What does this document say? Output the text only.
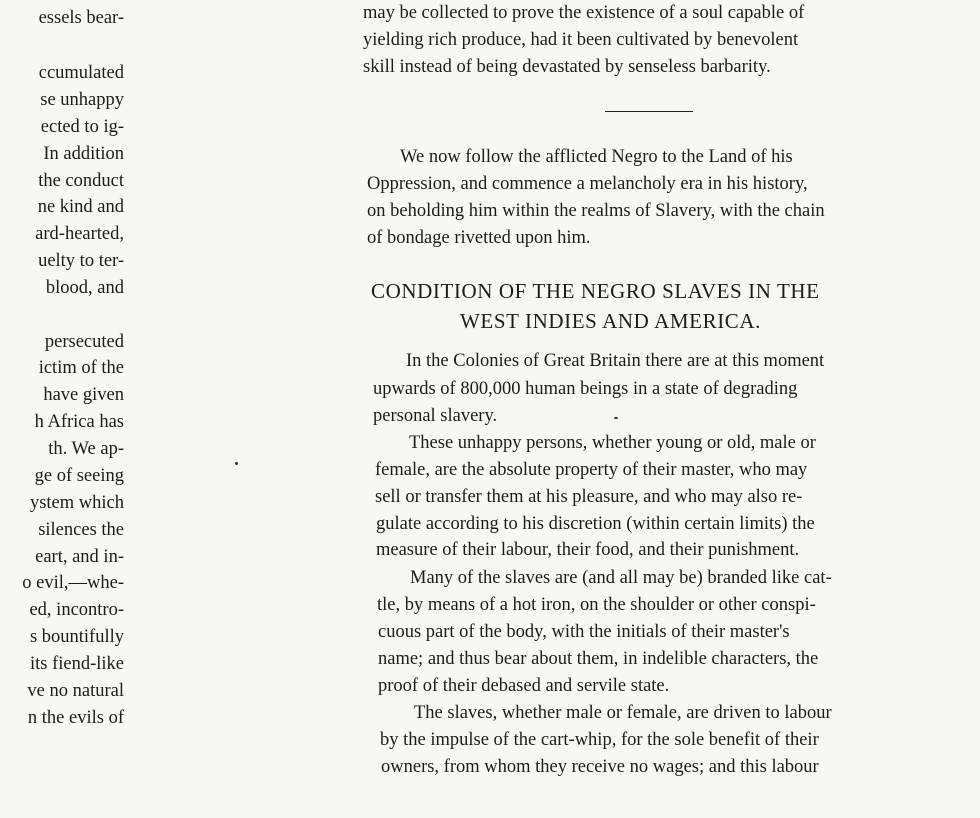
essels bear-
ccumulated
se unhappy
ected to ig-
In addition
the conduct
ne kind and
ard-hearted,
uelty to ter-
blood, and
persecuted
ictim of the
have given
h Africa has
th. We ap-
ge of seeing
ystem which
silences the
eart, and in-
o evil,—whe-
ed, incontro-
s bountifully
its fiend-like
ve no natural
n the evils of
may be collected to prove the existence of a soul capable of
yielding rich produce, had it been cultivated by benevolent
skill instead of being devastated by senseless barbarity.
We now follow the afflicted Negro to the Land of his
Oppression, and commence a melancholy era in his history,
on beholding him within the realms of Slavery, with the chain
of bondage rivetted upon him.
CONDITION OF THE NEGRO SLAVES IN THE
WEST INDIES AND AMERICA.
In the Colonies of Great Britain there are at this moment
upwards of 800,000 human beings in a state of degrading
personal slavery.
These unhappy persons, whether young or old, male or
female, are the absolute property of their master, who may
sell or transfer them at his pleasure, and who may also re-
gulate according to his discretion (within certain limits) the
measure of their labour, their food, and their punishment.
Many of the slaves are (and all may be) branded like cat-
tle, by means of a hot iron, on the shoulder or other conspi-
cuous part of the body, with the initials of their master's
name; and thus bear about them, in indelible characters, the
proof of their debased and servile state.
The slaves, whether male or female, are driven to labour
by the impulse of the cart-whip, for the sole benefit of their
owners, from whom they receive no wages; and this labour
